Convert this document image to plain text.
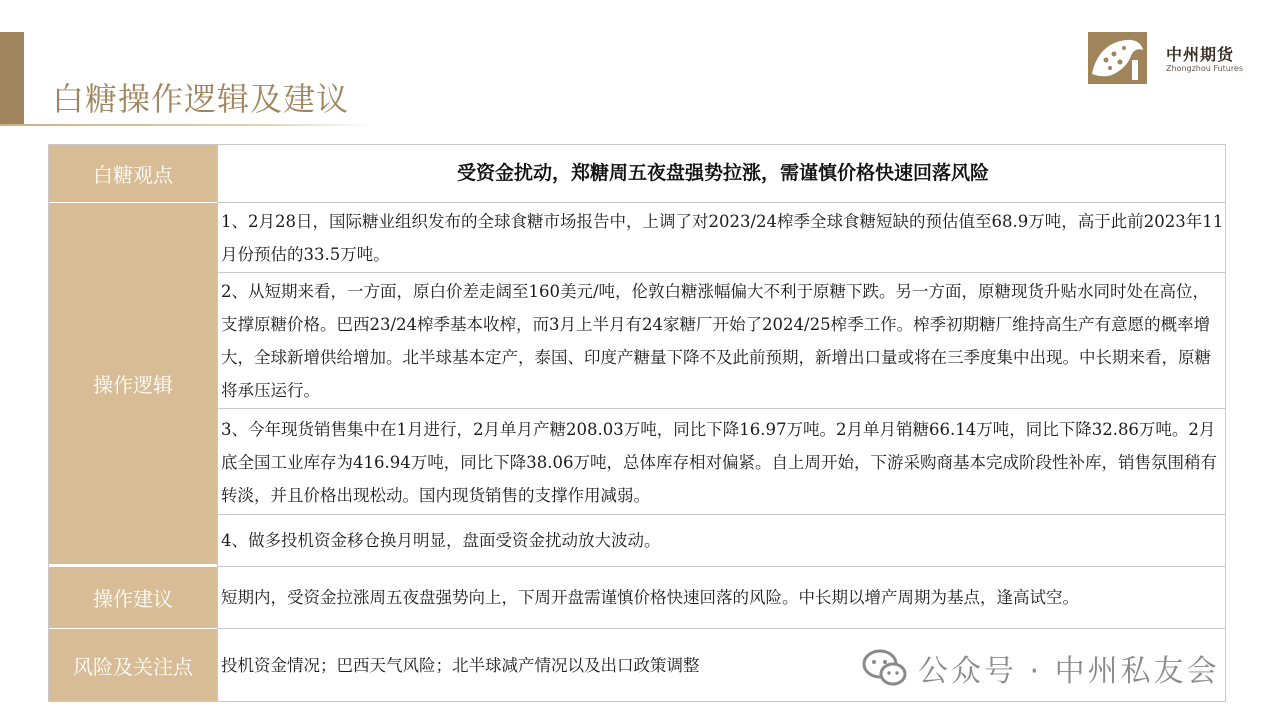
白糖操作逻辑及建议
中州期货
Zhongzhou Futures
白糖观点	受资金扰动，郑糖周五夜盘强势拉涨，需谨慎价格快速回落风险
操作逻辑
1、2月28日，国际糖业组织发布的全球食糖市场报告中，上调了对2023/24榨季全球食糖短缺的预估值至68.9万吨，高于此前2023年11月份预估的33.5万吨。
2、从短期来看，一方面，原白价差走阔至160美元/吨，伦敦白糖涨幅偏大不利于原糖下跌。另一方面，原糖现货升贴水同时处在高位，支撑原糖价格。巴西23/24榨季基本收榨，而3月上半月有24家糖厂开始了2024/25榨季工作。榨季初期糖厂维持高生产有意愿的概率增大，全球新增供给增加。北半球基本定产，泰国、印度产糖量下降不及此前预期，新增出口量或将在三季度集中出现。中长期来看，原糖将承压运行。
3、今年现货销售集中在1月进行，2月单月产糖208.03万吨，同比下降16.97万吨。2月单月销糖66.14万吨，同比下降32.86万吨。2月底全国工业库存为416.94万吨，同比下降38.06万吨，总体库存相对偏紧。自上周开始，下游采购商基本完成阶段性补库，销售氛围稍有转淡，并且价格出现松动。国内现货销售的支撑作用减弱。
4、做多投机资金移仓换月明显，盘面受资金扰动放大波动。
操作建议	短期内，受资金拉涨周五夜盘强势向上，下周开盘需谨慎价格快速回落的风险。中长期以增产周期为基点，逢高试空。
风险及关注点	投机资金情况；巴西天气风险；北半球减产情况以及出口政策调整	公众号 · 中州私友会
